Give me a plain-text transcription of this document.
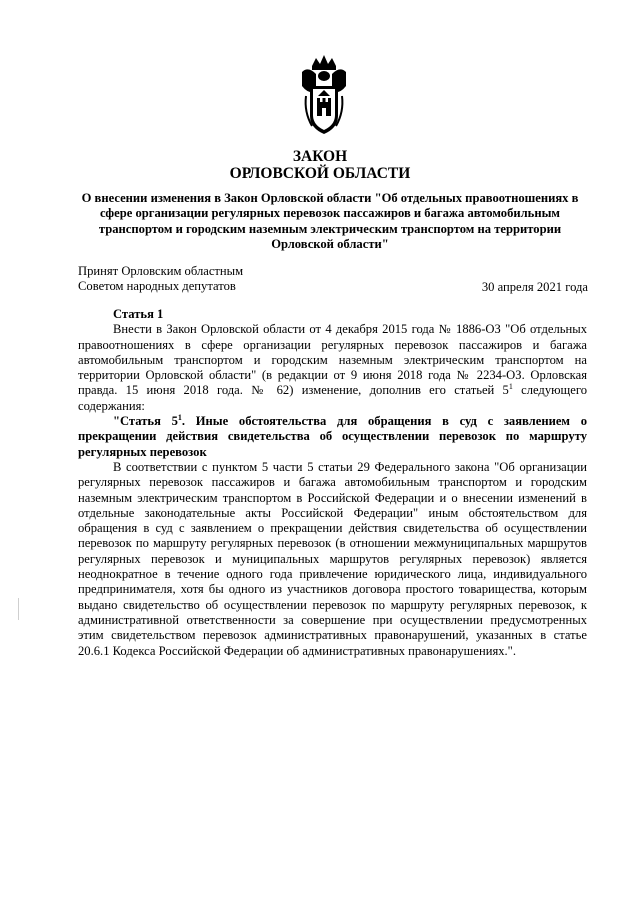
ЗАКОН
ОРЛОВСКОЙ ОБЛАСТИ
О внесении изменения в Закон Орловской области "Об отдельных правоотношениях в сфере организации регулярных перевозок пассажиров и багажа автомобильным транспортом и городским наземным электрическим транспортом на территории Орловской области"
Принят Орловским областным
Советом народных депутатов	30 апреля 2021 года

Статья 1

Внести в Закон Орловской области от 4 декабря 2015 года № 1886-ОЗ "Об отдельных правоотношениях в сфере организации регулярных перевозок пассажиров и багажа автомобильным транспортом и городским наземным электрическим транспортом на территории Орловской области" (в редакции от 9 июня 2018 года № 2234-ОЗ. Орловская правда. 15 июня 2018 года. № 62) изменение, дополнив его статьей $5^1$ следующего содержания:

"Статья $5^1$. Иные обстоятельства для обращения в суд с заявлением о прекращении действия свидетельства об осуществлении перевозок по маршруту регулярных перевозок

В соответствии с пунктом 5 части 5 статьи 29 Федерального закона "Об организации регулярных перевозок пассажиров и багажа автомобильным транспортом и городским наземным электрическим транспортом в Российской Федерации и о внесении изменений в отдельные законодательные акты Российской Федерации" иным обстоятельством для обращения в суд с заявлением о прекращении действия свидетельства об осуществлении перевозок по маршруту регулярных перевозок (в отношении межмуниципальных маршрутов регулярных перевозок и муниципальных маршрутов регулярных перевозок) является неоднократное в течение одного года привлечение юридического лица, индивидуального предпринимателя, хотя бы одного из участников договора простого товарищества, которым выдано свидетельство об осуществлении перевозок по маршруту регулярных перевозок, к административной ответственности за совершение при осуществлении предусмотренных этим свидетельством перевозок административных правонарушений, указанных в статье 20.6.1 Кодекса Российской Федерации об административных правонарушениях.".
